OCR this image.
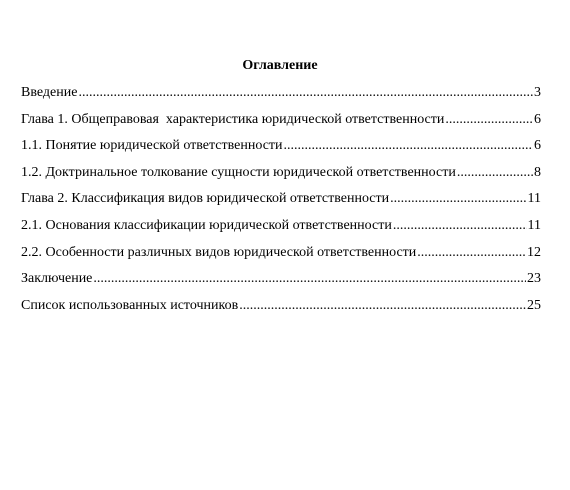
Оглавление
Введение .....	3
Глава 1. Общеправовая  характеристика юридической ответственности .....	6
1.1. Понятие юридической ответственности .....	6
1.2. Доктринальное толкование сущности юридической ответственности .....	8
Глава 2. Классификация видов юридической ответственности .....	11
2.1. Основания классификации юридической ответственности .....	11
2.2. Особенности различных видов юридической ответственности .....	12
Заключение .....	23
Список использованных источников .....	25
